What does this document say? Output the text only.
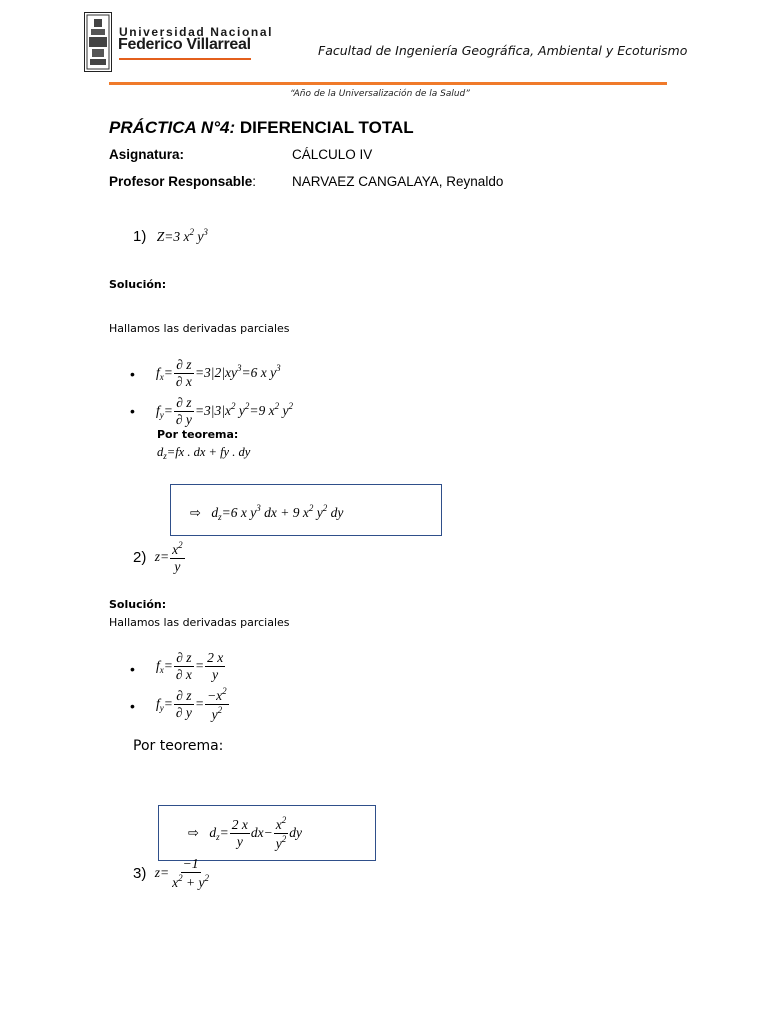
Universidad Nacional
Federico Villarreal	Facultad de Ingeniería Geográfica, Ambiental y Ecoturismo
“Año de la Universalización de la Salud”
PRÁCTICA N°4: DIFERENCIAL TOTAL
Asignatura:	CÁLCULO IV
Profesor Responsable:	NARVAEZ CANGALAYA, Reynaldo
1) Z=3 $x^2$ $y^3$
Solución:
Hallamos las derivadas parciales
• $f_x= \frac{\partial z}{\partial x} =3|2|xy^3=6$ x $y^3$
• $f_y= \frac{\partial z}{\partial y} =3|3|x^2$ $y^2=9$ $x^2$ $y^2$
Por teorema:
$d_z=fx$ . dx + fy . dy
⇨ $d_z=6$ x $y^3$ dx + 9 $x^2$ $y^2$ dy
2) $z= \frac{x^2}{y}$
Solución:
Hallamos las derivadas parciales
• $f_x= \frac{\partial z}{\partial x} = \frac{2 x}{y}$
• $f_y= \frac{\partial z}{\partial y} = \frac{-x^2}{y^2}$
Por teorema:
⇨ $d_z= \frac{2 x}{y} dx- \frac{x^2}{y^2}$ dy
3) $z= \frac{-1}{x^2 + y^2}$
